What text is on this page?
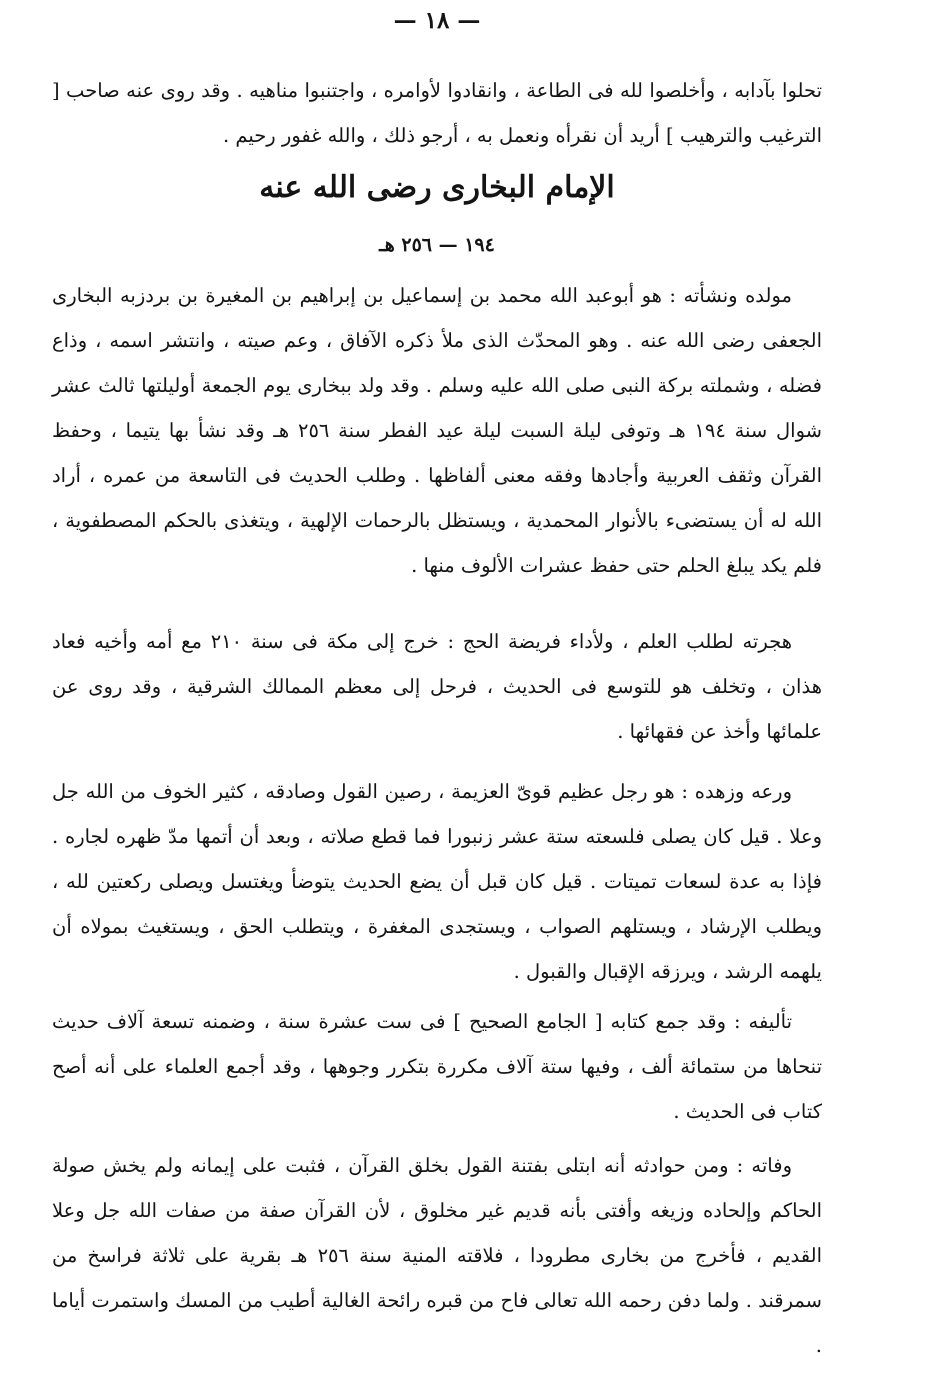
— ١٨ —

تحلوا بآدابه ، وأخلصوا لله فى الطاعة ، وانقادوا لأوامره ، واجتنبوا مناهيه . وقد روى عنه صاحب [ الترغيب والترهيب ] أريد أن نقرأه ونعمل به ، أرجو ذلك ، والله غفور رحيم .

الإمام البخارى رضى الله عنه
١٩٤ — ٢٥٦ هـ

مولده ونشأته : هو أبوعبد الله محمد بن إسماعيل بن إبراهيم بن المغيرة بن بردزبه البخارى الجعفى رضى الله عنه . وهو المحدّث الذى ملأ ذكره الآفاق ، وعم صيته ، وانتشر اسمه ، وذاع فضله ، وشملته بركة النبى صلى الله عليه وسلم . وقد ولد ببخارى يوم الجمعة أوليلتها ثالث عشر شوال سنة ١٩٤ هـ وتوفى ليلة السبت ليلة عيد الفطر سنة ٢٥٦ هـ وقد نشأ بها يتيما ، وحفظ القرآن وثقف العربية وأجادها وفقه معنى ألفاظها . وطلب الحديث فى التاسعة من عمره ، أراد الله له أن يستضىء بالأنوار المحمدية ، ويستظل بالرحمات الإلهية ، ويتغذى بالحكم المصطفوية ، فلم يكد يبلغ الحلم حتى حفظ عشرات الألوف منها .

هجرته لطلب العلم ، ولأداء فريضة الحج : خرج إلى مكة فى سنة ٢١٠ مع أمه وأخيه فعاد هذان ، وتخلف هو للتوسع فى الحديث ، فرحل إلى معظم الممالك الشرقية ، وقد روى عن علمائها وأخذ عن فقهائها .

ورعه وزهده : هو رجل عظيم قوىّ العزيمة ، رصين القول وصادقه ، كثير الخوف من الله جل وعلا . قيل كان يصلى فلسعته ستة عشر زنبورا فما قطع صلاته ، وبعد أن أتمها مدّ ظهره لجاره . فإذا به عدة لسعات تميتات . قيل كان قبل أن يضع الحديث يتوضأ ويغتسل ويصلى ركعتين لله ، ويطلب الإرشاد ، ويستلهم الصواب ، ويستجدى المغفرة ، ويتطلب الحق ، ويستغيث بمولاه أن يلهمه الرشد ، ويرزقه الإقبال والقبول .

تأليفه : وقد جمع كتابه [ الجامع الصحيح ] فى ست عشرة سنة ، وضمنه تسعة آلاف حديث تنحاها من ستمائة ألف ، وفيها ستة آلاف مكررة بتكرر وجوهها ، وقد أجمع العلماء على أنه أصح كتاب فى الحديث .

وفاته : ومن حوادثه أنه ابتلى بفتنة القول بخلق القرآن ، فثبت على إيمانه ولم يخش صولة الحاكم وإلحاده وزيغه وأفتى بأنه قديم غير مخلوق ، لأن القرآن صفة من صفات الله جل وعلا القديم ، فأخرج من بخارى مطرودا ، فلاقته المنية سنة ٢٥٦ هـ بقرية على ثلاثة فراسخ من سمرقند . ولما دفن رحمه الله تعالى فاح من قبره رائحة الغالية أطيب من المسك واستمرت أياما .
